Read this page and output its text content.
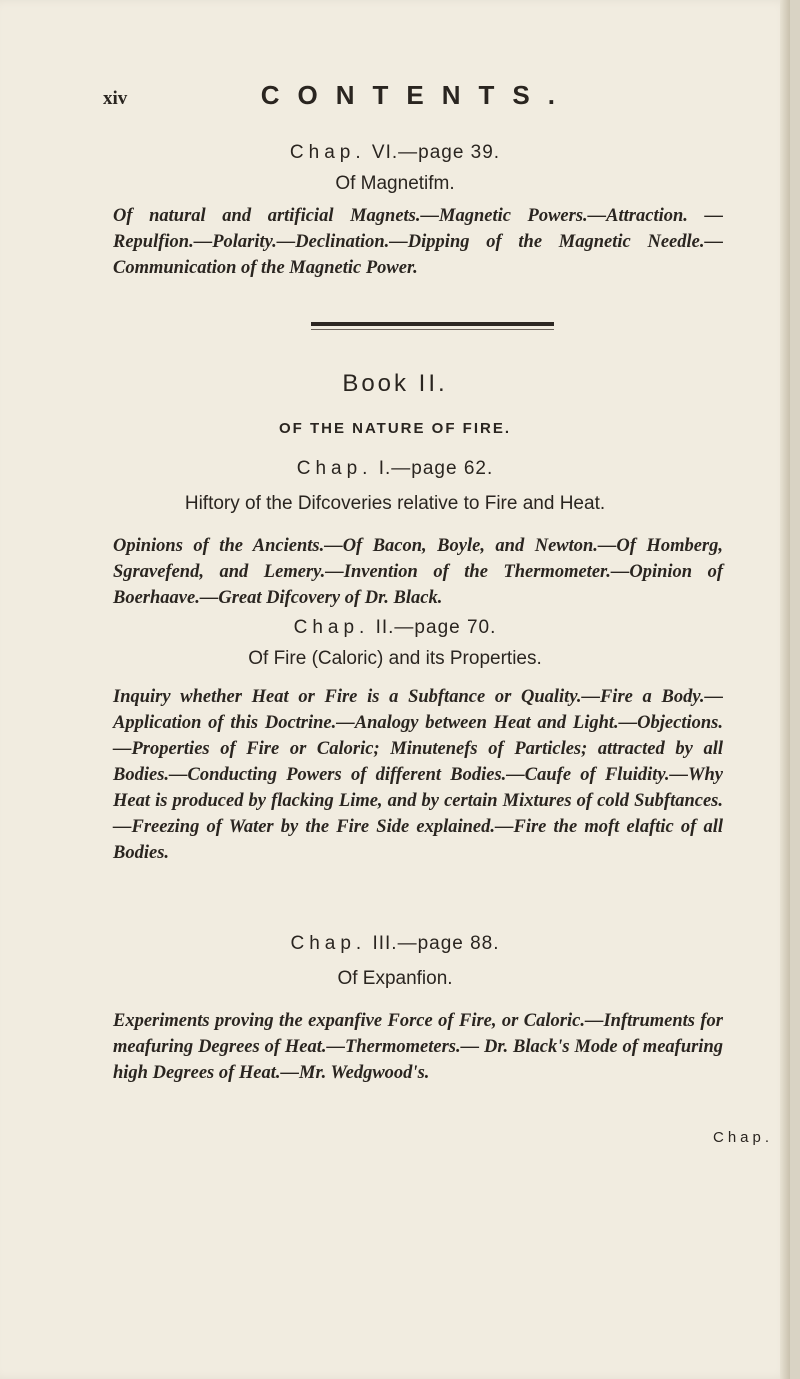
xiv	CONTENTS.
Chap. VI.—page 39.
Of Magnetifm.
Of natural and artificial Magnets.—Magnetic Powers.—Attraction. —Repulfion.—Polarity.—Declination.—Dipping of the Magnetic Needle.—Communication of the Magnetic Power.
Book II.
OF THE NATURE OF FIRE.
Chap. I.—page 62.
Hiftory of the Difcoveries relative to Fire and Heat.
Opinions of the Ancients.—Of Bacon, Boyle, and Newton.—Of Homberg, Sgravefend, and Lemery.—Invention of the Thermometer.—Opinion of Boerhaave.—Great Difcovery of Dr. Black.
Chap. II.—page 70.
Of Fire (Caloric) and its Properties.
Inquiry whether Heat or Fire is a Subftance or Quality.—Fire a Body.—Application of this Doctrine.—Analogy between Heat and Light.—Objections.—Properties of Fire or Caloric; Minutenefs of Particles; attracted by all Bodies.—Conducting Powers of different Bodies.—Caufe of Fluidity.—Why Heat is produced by flacking Lime, and by certain Mixtures of cold Subftances.—Freezing of Water by the Fire Side explained.—Fire the moft elaftic of all Bodies.
Chap. III.—page 88.
Of Expanfion.
Experiments proving the expanfive Force of Fire, or Caloric.—Inftruments for meafuring Degrees of Heat.—Thermometers.— Dr. Black's Mode of meafuring high Degrees of Heat.—Mr. Wedgwood's.
Chap.
